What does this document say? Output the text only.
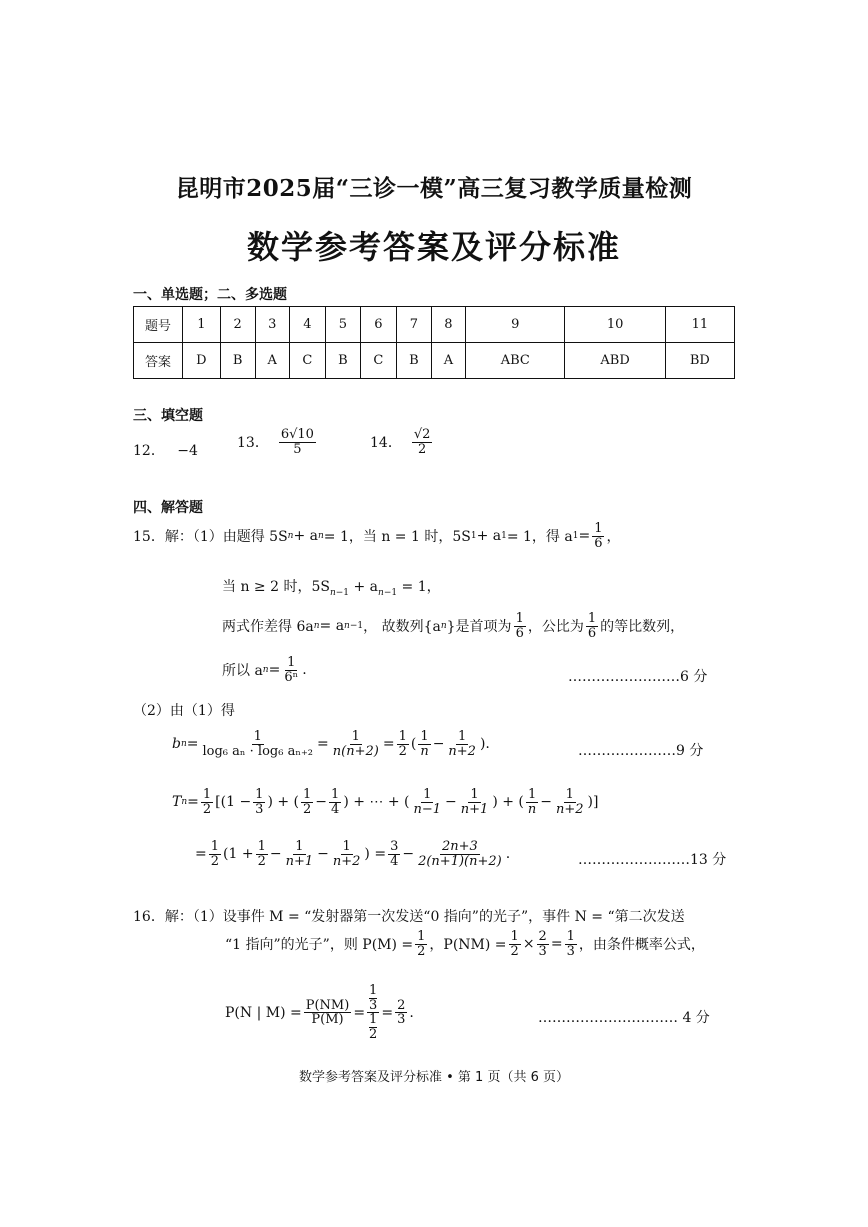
昆明市2025届“三诊一模”高三复习教学质量检测
数学参考答案及评分标准
一、单选题；二、多选题
题号	1	2	3	4	5	6	7	8	9	10	11
答案	D	B	A	C	B	C	B	A	ABC	ABD	BD
三、填空题
12． −4	13． $\frac{6√10}{5}$	14． $\frac{√2}{2}$
四、解答题
15．解：（1）由题得 5S n + a n = 1，当 n = 1 时，5S 1 + a 1 = 1，得 a $1 = \frac{1}{6}$ ，
当 n ≥ 2 时，$5S_{n-1} + a_{n-1} = 1$，
两式作差得 6a n = a n−1 ， 故数列{a n }是首项为 $\frac{1}{6}$ ，公比为 $\frac{1}{6}$ 的等比数列，
所以 a $n = \frac{1}{\text{6ⁿ}}$ .	……………………6 分
（2）由（1）得
b $n = \frac{1}{\text{log₆ aₙ · log₆ aₙ₊₂}} = \frac{1}{n(n+2)} = \frac{1}{2}$ ( $\frac{1}{n} - \frac{1}{n+2}$ ).	…………………9 分
T $n = \frac{1}{2} [(1 - \frac{1}{3}$ ) + ( $\frac{1}{2} - \frac{1}{4}$ ) + ⋯ + ( $\frac{1}{n-1} - \frac{1}{n+1}$ ) + ( $\frac{1}{n} - \frac{1}{n+2}$ )]
= $\frac{1}{2} (1 + \frac{1}{2} - \frac{1}{n+1} - \frac{1}{n+2}$ ) = $\frac{3}{4} - \frac{2n+3}{2(n+1)(n+2)}$ .	……………………13 分
16．解：（1）设事件 M = “发射器第一次发送“0 指向”的光子”，事件 N = “第二次发送
“1 指向”的光子”，则 $P(M) = \frac{1}{2}$ ，$P(NM) = \frac{1}{2} \times \frac{2}{3} = \frac{1}{3}$ ，由条件概率公式，
P(N | $M) = \frac{P(NM)}{P(M)} = 1$
3
1
$2 = \frac{2}{3}$ .	………………………… 4 分
数学参考答案及评分标准 • 第 1 页（共 6 页）
